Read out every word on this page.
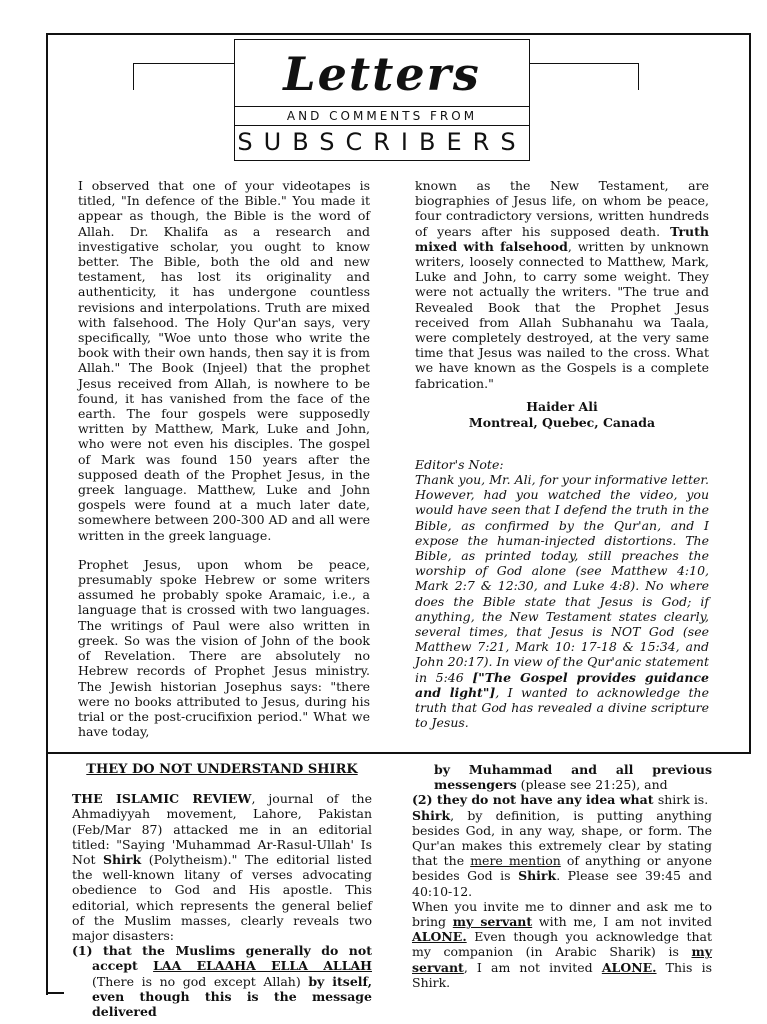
Letters
AND COMMENTS FROM
SUBSCRIBERS

I observed that one of your videotapes is titled, "In defence of the Bible." You made it appear as though, the Bible is the word of Allah. Dr. Khalifa as a research and investigative scholar, you ought to know better. The Bible, both the old and new testament, has lost its originality and authenticity, it has undergone countless revisions and interpolations. Truth are mixed with falsehood. The Holy Qur'an says, very specifically, "Woe unto those who write the book with their own hands, then say it is from Allah." The Book (Injeel) that the prophet Jesus received from Allah, is nowhere to be found, it has vanished from the face of the earth. The four gospels were supposedly written by Matthew, Mark, Luke and John, who were not even his disciples. The gospel of Mark was found 150 years after the supposed death of the Prophet Jesus, in the greek language. Matthew, Luke and John gospels were found at a much later date, somewhere between 200-300 AD and all were written in the greek language.

Prophet Jesus, upon whom be peace, presumably spoke Hebrew or some writers assumed he probably spoke Aramaic, i.e., a language that is crossed with two languages. The writings of Paul were also written in greek. So was the vision of John of the book of Revelation. There are absolutely no Hebrew records of Prophet Jesus ministry. The Jewish historian Josephus says: "there were no books attributed to Jesus, during his trial or the post-crucifixion period." What we have today,

known as the New Testament, are biographies of Jesus life, on whom be peace, four contradictory versions, written hundreds of years after his supposed death. Truth mixed with falsehood, written by unknown writers, loosely connected to Matthew, Mark, Luke and John, to carry some weight. They were not actually the writers. "The true and Revealed Book that the Prophet Jesus received from Allah Subhanahu wa Taala, were completely destroyed, at the very same time that Jesus was nailed to the cross. What we have known as the Gospels is a complete fabrication."

Haider Ali
Montreal, Quebec, Canada
Editor's Note:
Thank you, Mr. Ali, for your informative letter. However, had you watched the video, you would have seen that I defend the truth in the Bible, as confirmed by the Qur'an, and I expose the human-injected distortions. The Bible, as printed today, still preaches the worship of God alone (see Matthew 4:10, Mark 2:7 & 12:30, and Luke 4:8). No where does the Bible state that Jesus is God; if anything, the New Testament states clearly, several times, that Jesus is NOT God (see Matthew 7:21, Mark 10: 17-18 & 15:34, and John 20:17). In view of the Qur'anic statement in 5:46 ["The Gospel provides guidance and light"], I wanted to acknowledge the truth that God has revealed a divine scripture to Jesus.
THEY DO NOT UNDERSTAND SHIRK
THE ISLAMIC REVIEW, journal of the Ahmadiyyah movement, Lahore, Pakistan (Feb/Mar 87) attacked me in an editorial titled: "Saying 'Muhammad Ar-Rasul-Ullah' Is Not Shirk (Polytheism)." The editorial listed the well-known litany of verses advocating obedience to God and His apostle. This editorial, which represents the general belief of the Muslim masses, clearly reveals two major disasters:
(1) that the Muslims generally do not accept LAA ELAAHA ELLA ALLAH (There is no god except Allah) by itself, even though this is the message delivered
by Muhammad and all previous messengers (please see 21:25), and
(2) they do not have any idea what shirk is.
Shirk, by definition, is putting anything besides God, in any way, shape, or form. The Qur'an makes this extremely clear by stating that the mere mention of anything or anyone besides God is Shirk. Please see 39:45 and 40:10-12.
When you invite me to dinner and ask me to bring my servant with me, I am not invited ALONE. Even though you acknowledge that my companion (in Arabic Sharik) is my servant, I am not invited ALONE. This is Shirk.
